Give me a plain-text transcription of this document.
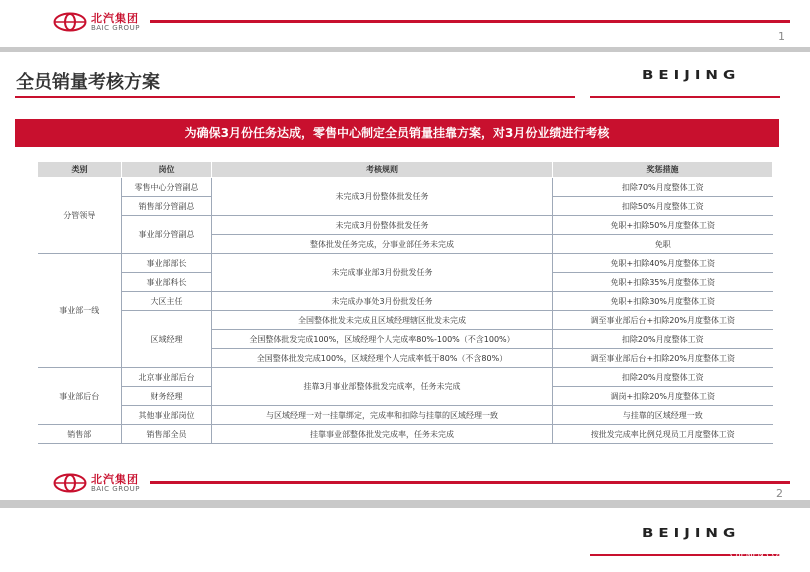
北汽集团
BAIC GROUP
1
全员销量考核方案	BEIJING
为确保3月份任务达成，零售中心制定全员销量挂靠方案，对3月份业绩进行考核
类别	岗位	考核规则	奖惩措施
分管领导	零售中心分管副总	未完成3月份整体批发任务	扣除70%月度整体工资
	销售部分管副总		扣除50%月度整体工资
	事业部分管副总	未完成3月份整体批发任务	免职+扣除50%月度整体工资
		整体批发任务完成，分事业部任务未完成	免职
事业部一线	事业部部长	未完成事业部3月份批发任务	免职+扣除40%月度整体工资
	事业部科长		免职+扣除35%月度整体工资
	大区主任	未完成办事处3月份批发任务	免职+扣除30%月度整体工资
	区域经理	全国整体批发未完成且区域经理辖区批发未完成	调至事业部后台+扣除20%月度整体工资
		全国整体批发完成100%，区域经理个人完成率80%-100%（不含100%）	扣除20%月度整体工资
		全国整体批发完成100%，区域经理个人完成率低于80%（不含80%）	调至事业部后台+扣除20%月度整体工资
事业部后台	北京事业部后台	挂靠3月事业部整体批发完成率，任务未完成	扣除20%月度整体工资
	财务经理		调岗+扣除20%月度整体工资
	其他事业部岗位	与区域经理一对一挂靠绑定，完成率和扣除与挂靠的区域经理一致	与挂靠的区域经理一致
销售部	销售部全员	挂靠事业部整体批发完成率，任务未完成	按批发完成率比例兑现员工月度整体工资
北汽集团
BAIC GROUP	2
BEIJING 汽车网
ChEMEN.COM
